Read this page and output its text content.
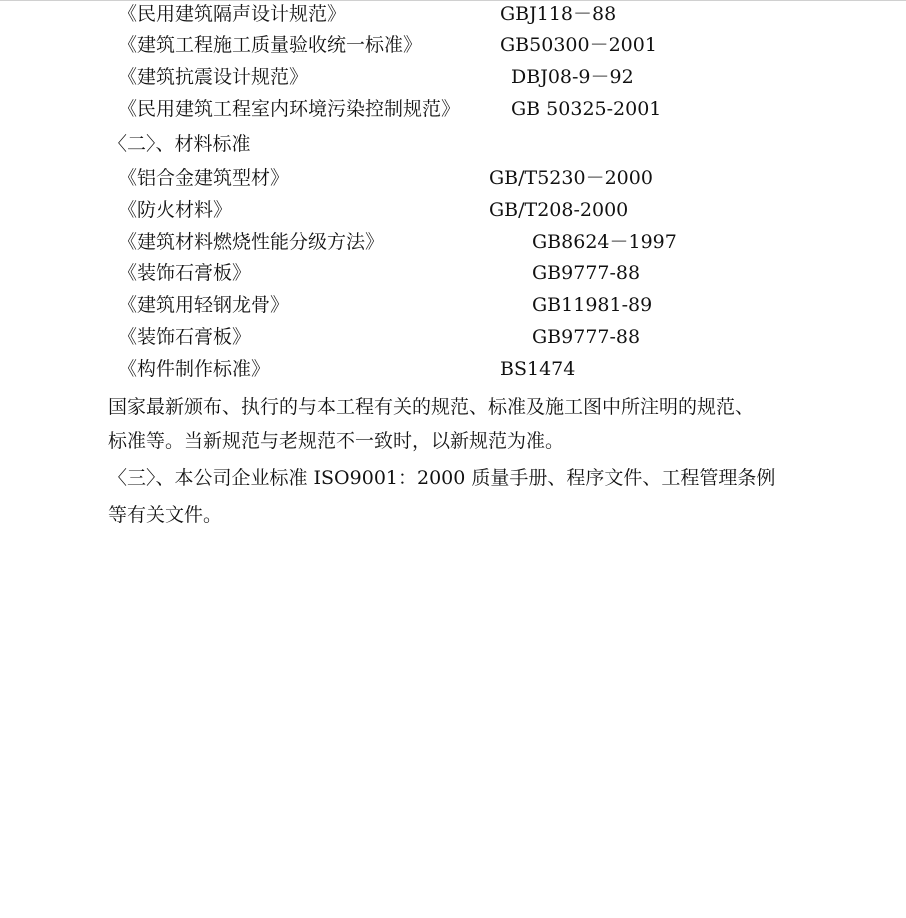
《民用建筑隔声设计规范》	GBJ118－88
《建筑工程施工质量验收统一标准》	GB50300－2001
《建筑抗震设计规范》	DBJ08-9－92
《民用建筑工程室内环境污染控制规范》	GB 50325-2001
〈二〉、材料标准
《铝合金建筑型材》	GB/T5230－2000
《防火材料》	GB/T208-2000
《建筑材料燃烧性能分级方法》	GB8624－1997
《装饰石膏板》	GB9777-88
《建筑用轻钢龙骨》	GB11981-89
《装饰石膏板》	GB9777-88
《构件制作标准》	BS1474
国家最新颁布、执行的与本工程有关的规范、标准及施工图中所注明的规范、
标准等。当新规范与老规范不一致时，以新规范为准。
〈三〉、本公司企业标准 ISO9001：2000 质量手册、程序文件、工程管理条例
等有关文件。
